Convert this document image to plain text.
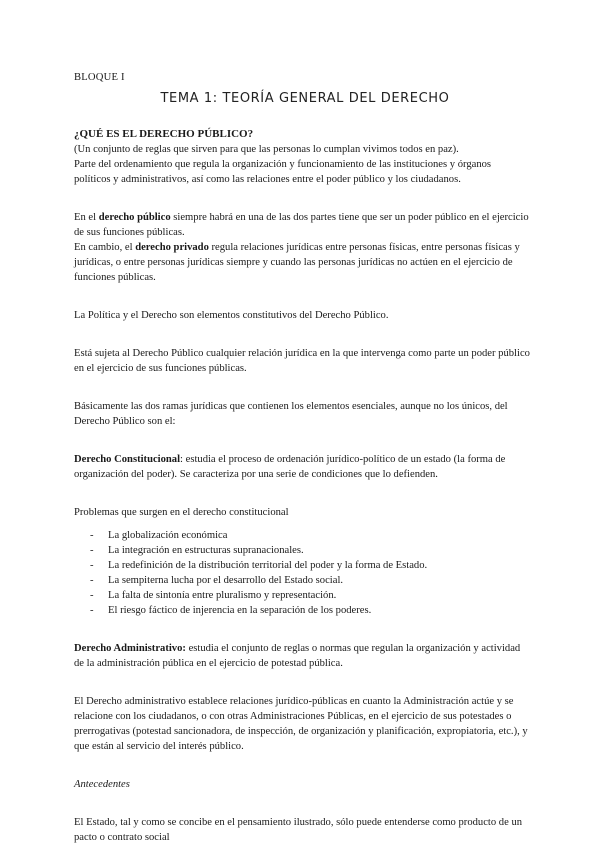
BLOQUE I
TEMA 1: TEORÍA GENERAL DEL DERECHO

¿QUÉ ES EL DERECHO PÚBLICO?

(Un conjunto de reglas que sirven para que las personas lo cumplan vivimos todos en paz).

Parte del ordenamiento que regula la organización y funcionamiento de las instituciones y órganos políticos y administrativos, así como las relaciones entre el poder público y los ciudadanos.

En el derecho público siempre habrá en una de las dos partes tiene que ser un poder público en el ejercicio de sus funciones públicas.

En cambio, el derecho privado regula relaciones jurídicas entre personas físicas, entre personas físicas y jurídicas, o entre personas jurídicas siempre y cuando las personas jurídicas no actúen en el ejercicio de funciones públicas.

La Política y el Derecho son elementos constitutivos del Derecho Público.

Está sujeta al Derecho Público cualquier relación jurídica en la que intervenga como parte un poder público en el ejercicio de sus funciones públicas.

Básicamente las dos ramas jurídicas que contienen los elementos esenciales, aunque no los únicos, del Derecho Público son el:

Derecho Constitucional: estudia el proceso de ordenación jurídico-político de un estado (la forma de organización del poder). Se caracteriza por una serie de condiciones que lo defienden.

Problemas que surgen en el derecho constitucional

- La globalización económica
- La integración en estructuras supranacionales.
- La redefinición de la distribución territorial del poder y la forma de Estado.
- La sempiterna lucha por el desarrollo del Estado social.
- La falta de sintonía entre pluralismo y representación.
- El riesgo fáctico de injerencia en la separación de los poderes.

Derecho Administrativo: estudia el conjunto de reglas o normas que regulan la organización y actividad de la administración pública en el ejercicio de potestad pública.

El Derecho administrativo establece relaciones jurídico-públicas en cuanto la Administración actúe y se relacione con los ciudadanos, o con otras Administraciones Públicas, en el ejercicio de sus potestades o prerrogativas (potestad sancionadora, de inspección, de organización y planificación, expropiatoria, etc.), y que están al servicio del interés público.

Antecedentes

El Estado, tal y como se concibe en el pensamiento ilustrado, sólo puede entenderse como producto de un pacto o contrato social
